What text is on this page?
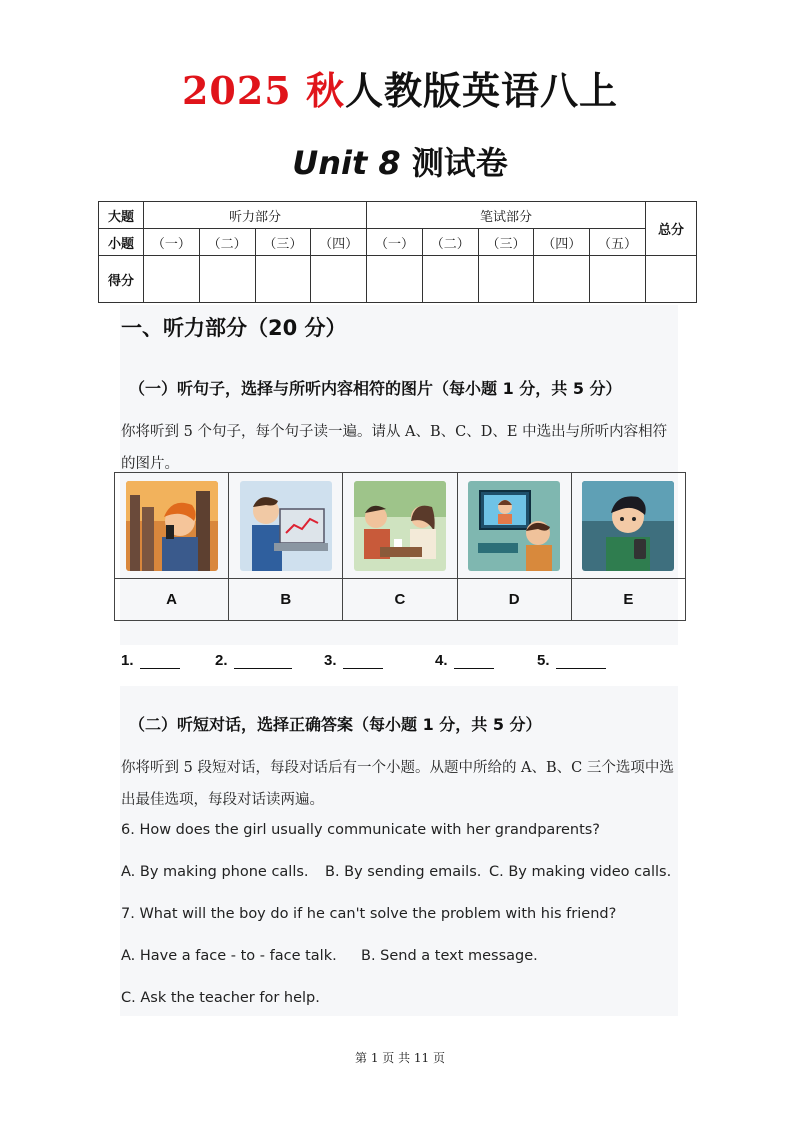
2025 秋人教版英语八上
Unit 8 测试卷
大题	听力部分				笔试部分					总分
小题	（一）	（二）	（三）	（四）	（一）	（二）	（三）	（四）	（五）	
得分										
一、听力部分（20 分）
（一）听句子，选择与所听内容相符的图片（每小题 1 分，共 5 分）
你将听到 5 个句子，每个句子读一遍。请从 A、B、C、D、E 中选出与所听内容相符的图片。

A	B	C	D	E
1.	2.	3.	4.	5.
（二）听短对话，选择正确答案（每小题 1 分，共 5 分）
你将听到 5 段短对话，每段对话后有一个小题。从题中所给的 A、B、C 三个选项中选出最佳选项，每段对话读两遍。
6. How does the girl usually communicate with her grandparents?
A. By making phone calls. B. By sending emails. C. By making video calls.
7. What will the boy do if he can't solve the problem with his friend?
A. Have a face - to - face talk. B. Send a text message.
C. Ask the teacher for help.
第 1 页 共 11 页
